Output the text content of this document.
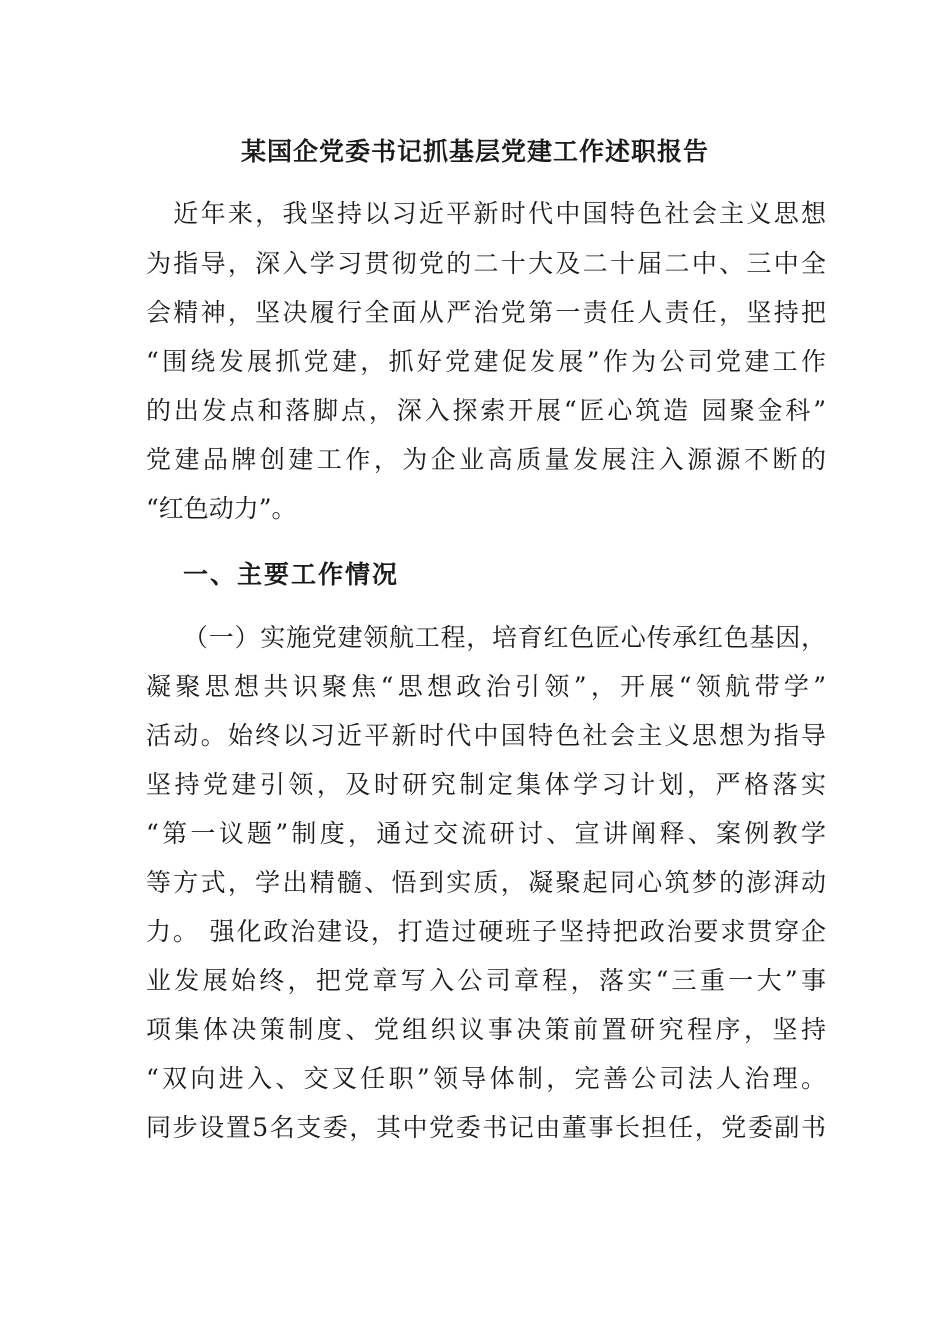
某国企党委书记抓基层党建工作述职报告
　近年来，我坚持以习近平新时代中国特色社会主义思想
为指导，深入学习贯彻党的二十大及二十届二中、三中全
会精神，坚决履行全面从严治党第一责任人责任，坚持把
“围绕发展抓党建，抓好党建促发展”作为公司党建工作
的出发点和落脚点，深入探索开展“匠心筑造 园聚金科”
党建品牌创建工作，为企业高质量发展注入源源不断的
“红色动力”。
一、主要工作情况
（一）实施党建领航工程，培育红色匠心传承红色基因，
凝聚思想共识聚焦“思想政治引领”，开展“领航带学”
活动。始终以习近平新时代中国特色社会主义思想为指导
坚持党建引领，及时研究制定集体学习计划，严格落实
“第一议题”制度，通过交流研讨、宣讲阐释、案例教学
等方式，学出精髓、悟到实质，凝聚起同心筑梦的澎湃动
力。 强化政治建设，打造过硬班子坚持把政治要求贯穿企
业发展始终，把党章写入公司章程，落实“三重一大”事
项集体决策制度、党组织议事决策前置研究程序，坚持
“双向进入、交叉任职”领导体制，完善公司法人治理。
同步设置5名支委，其中党委书记由董事长担任，党委副书
